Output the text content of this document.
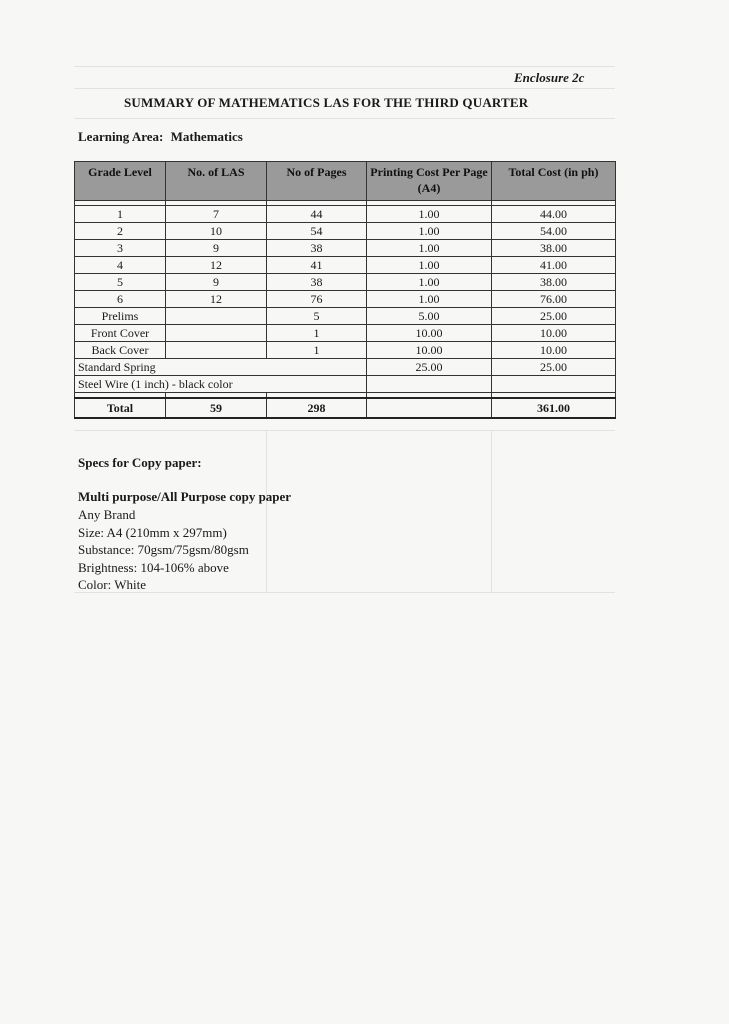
Enclosure 2c
SUMMARY OF MATHEMATICS LAS FOR THE THIRD QUARTER
Learning Area: Mathematics
Grade Level	No. of LAS	No of Pages	Printing Cost Per Page (A4)	Total Cost (in ph)

1	7	44	1.00	44.00
2	10	54	1.00	54.00
3	9	38	1.00	38.00
4	12	41	1.00	41.00
5	9	38	1.00	38.00
6	12	76	1.00	76.00
Prelims		5	5.00	25.00
Front Cover		1	10.00	10.00
Back Cover		1	10.00	10.00
Standard Spring			25.00	25.00
Steel Wire (1 inch) - black color				

Total	59	298		361.00
Specs for Copy paper:
Multi purpose/All Purpose copy paper
Any Brand
Size: A4 (210mm x 297mm)
Substance: 70gsm/75gsm/80gsm
Brightness: 104-106% above
Color: White
